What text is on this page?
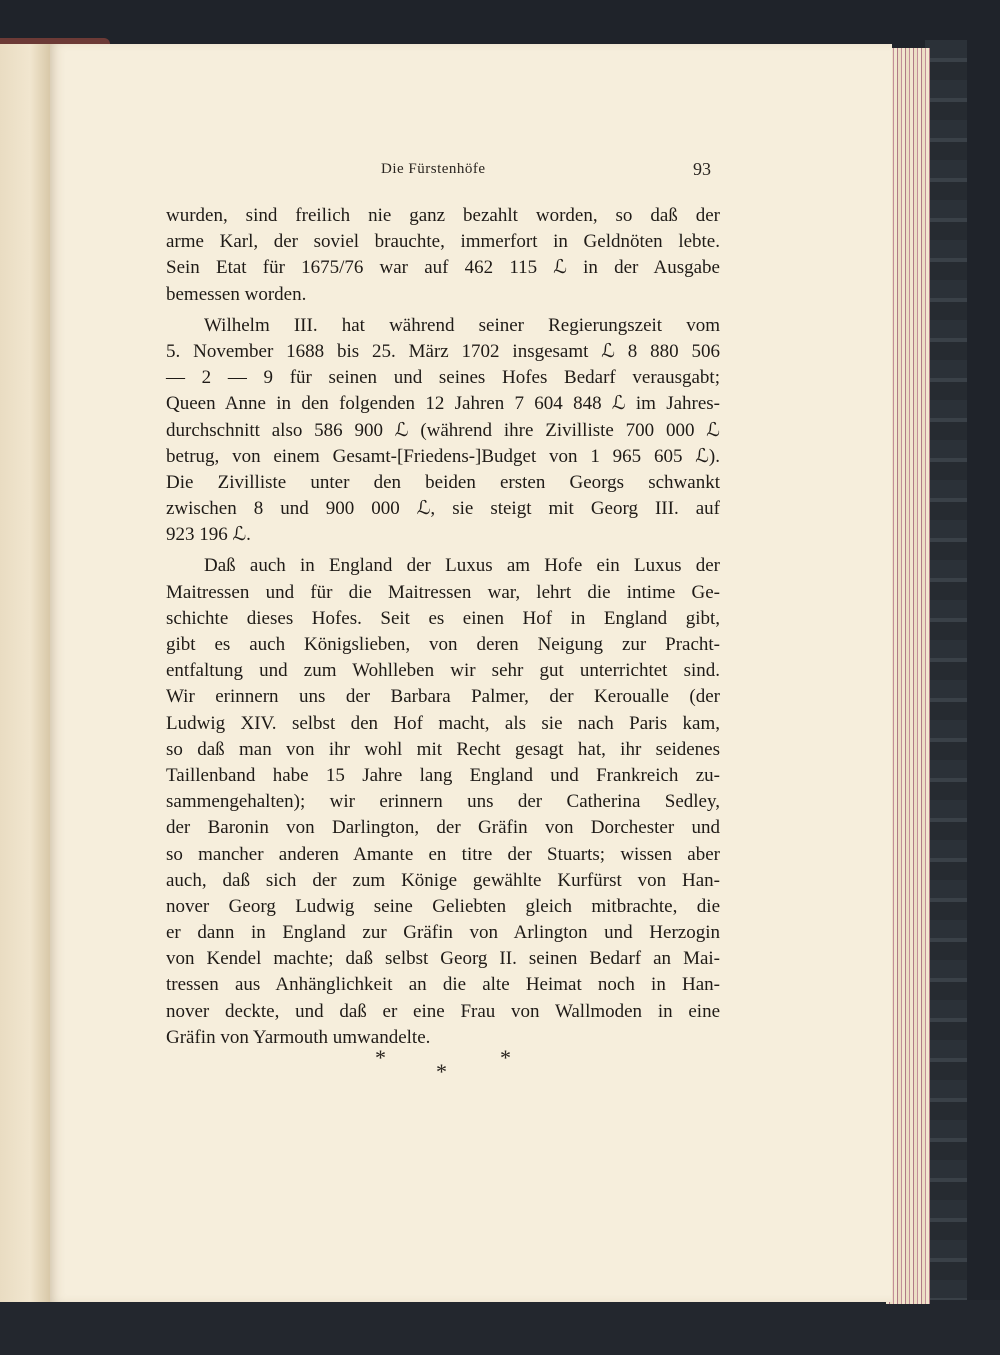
Die Fürstenhöfe	93
wurden, sind freilich nie ganz bezahlt worden, so daß der
arme Karl, der soviel brauchte, immerfort in Geldnöten lebte.
Sein Etat für 1675/76 war auf 462 115 ℒ in der Ausgabe
bemessen worden.
Wilhelm III. hat während seiner Regierungszeit vom
5. November 1688 bis 25. März 1702 insgesamt ℒ 8 880 506
— 2 — 9 für seinen und seines Hofes Bedarf verausgabt;
Queen Anne in den folgenden 12 Jahren 7 604 848 ℒ im Jahres-
durchschnitt also 586 900 ℒ (während ihre Zivilliste 700 000 ℒ
betrug, von einem Gesamt-[Friedens-]Budget von 1 965 605 ℒ).
Die Zivilliste unter den beiden ersten Georgs schwankt
zwischen 8 und 900 000 ℒ, sie steigt mit Georg III. auf
923 196 ℒ.
Daß auch in England der Luxus am Hofe ein Luxus der
Maitressen und für die Maitressen war, lehrt die intime Ge-
schichte dieses Hofes. Seit es einen Hof in England gibt,
gibt es auch Königslieben, von deren Neigung zur Pracht-
entfaltung und zum Wohlleben wir sehr gut unterrichtet sind.
Wir erinnern uns der Barbara Palmer, der Keroualle (der
Ludwig XIV. selbst den Hof macht, als sie nach Paris kam,
so daß man von ihr wohl mit Recht gesagt hat, ihr seidenes
Taillenband habe 15 Jahre lang England und Frankreich zu-
sammengehalten); wir erinnern uns der Catherina Sedley,
der Baronin von Darlington, der Gräfin von Dorchester und
so mancher anderen Amante en titre der Stuarts; wissen aber
auch, daß sich der zum Könige gewählte Kurfürst von Han-
nover Georg Ludwig seine Geliebten gleich mitbrachte, die
er dann in England zur Gräfin von Arlington und Herzogin
von Kendel machte; daß selbst Georg II. seinen Bedarf an Mai-
tressen aus Anhänglichkeit an die alte Heimat noch in Han-
nover deckte, und daß er eine Frau von Wallmoden in eine
Gräfin von Yarmouth umwandelte.
*
*
*
